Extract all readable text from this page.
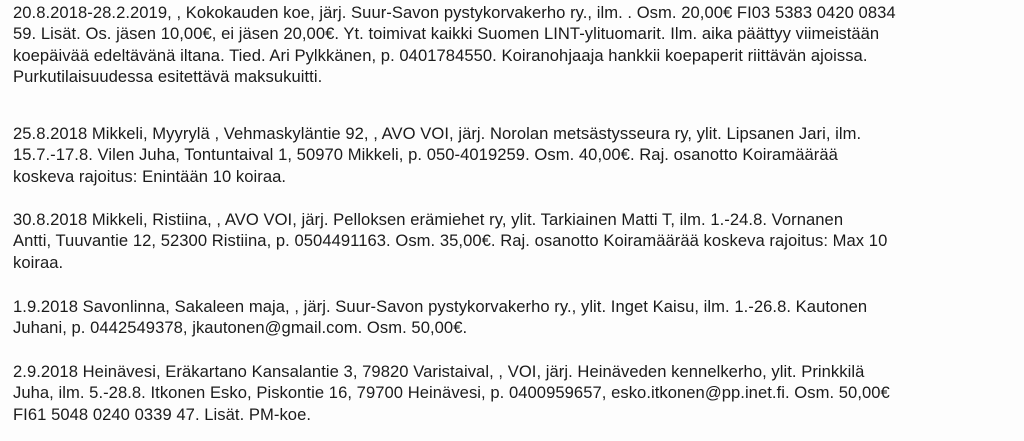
20.8.2018-28.2.2019, , Kokokauden koe, järj. Suur-Savon pystykorvakerho ry., ilm. . Osm. 20,00€ FI03 5383 0420 0834
59. Lisät. Os. jäsen 10,00€, ei jäsen 20,00€. Yt. toimivat kaikki Suomen LINT-ylituomarit. Ilm. aika päättyy viimeistään
koepäivää edeltävänä iltana. Tied. Ari Pylkkänen, p. 0401784550. Koiranohjaaja hankkii koepaperit riittävän ajoissa.
Purkutilaisuudessa esitettävä maksukuitti.

25.8.2018 Mikkeli, Myyrylä , Vehmaskyläntie 92, , AVO VOI, järj. Norolan metsästysseura ry, ylit. Lipsanen Jari, ilm.
15.7.-17.8. Vilen Juha, Tontuntaival 1, 50970 Mikkeli, p. 050-4019259. Osm. 40,00€. Raj. osanotto Koiramäärää
koskeva rajoitus: Enintään 10 koiraa.

30.8.2018 Mikkeli, Ristiina, , AVO VOI, järj. Pelloksen erämiehet ry, ylit. Tarkiainen Matti T, ilm. 1.-24.8. Vornanen
Antti, Tuuvantie 12, 52300 Ristiina, p. 0504491163. Osm. 35,00€. Raj. osanotto Koiramäärää koskeva rajoitus: Max 10
koiraa.

1.9.2018 Savonlinna, Sakaleen maja, , järj. Suur-Savon pystykorvakerho ry., ylit. Inget Kaisu, ilm. 1.-26.8. Kautonen
Juhani, p. 0442549378, jkautonen@gmail.com. Osm. 50,00€.

2.9.2018 Heinävesi, Eräkartano Kansalantie 3, 79820 Varistaival, , VOI, järj. Heinäveden kennelkerho, ylit. Prinkkilä
Juha, ilm. 5.-28.8. Itkonen Esko, Piskontie 16, 79700 Heinävesi, p. 0400959657, esko.itkonen@pp.inet.fi. Osm. 50,00€
FI61 5048 0240 0339 47. Lisät. PM-koe.
